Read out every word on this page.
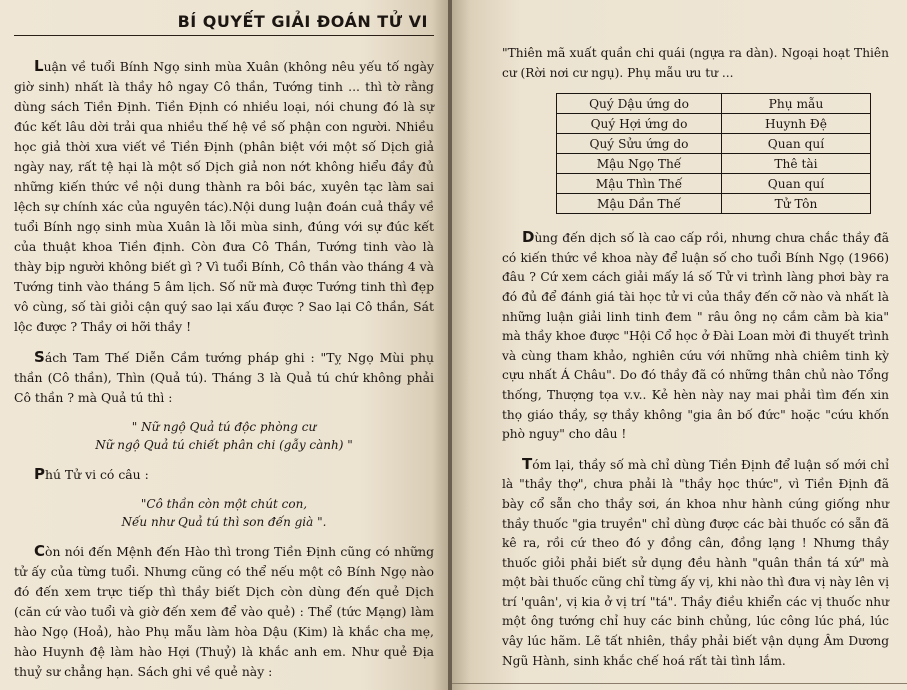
BÍ QUYẾT GIẢI ĐOÁN TỬ VI

Luận về tuổi Bính Ngọ sinh mùa Xuân (không nêu yếu tố ngày giờ sinh) nhất là thầy hô ngay Cô thần, Tướng tinh ... thì tờ rằng dùng sách Tiền Định. Tiền Định có nhiều loại, nói chung đó là sự đúc kết lâu dời trải qua nhiều thế hệ về số phận con người. Nhiều học giả thời xưa viết về Tiền Định (phân biệt với một số Dịch giả ngày nay, rất tệ hại là một số Dịch giả non nớt không hiểu đầy đủ những kiến thức về nội dung thành ra bôi bác, xuyên tạc làm sai lệch sự chính xác của nguyên tác).Nội dung luận đoán cuả thầy về tuổi Bính ngọ sinh mùa Xuân là lỗi mùa sinh, đúng với sự đúc kết của thuật khoa Tiền định. Còn đưa Cô Thần, Tướng tinh vào là thày bịp người không biết gì ? Vì tuổi Bính, Cô thần vào tháng 4 và Tướng tinh vào tháng 5 âm lịch. Số nữ mà được Tướng tinh thì đẹp vô cùng, số tài giỏi cận quý sao lại xấu được ? Sao lại Cô thần, Sát lộc được ? Thầy ơi hỡi thầy !

Sách Tam Thế Diễn Cầm tướng pháp ghi : "Tỵ Ngọ Mùi phụ thần (Cô thần), Thìn (Quả tú). Tháng 3 là Quả tú chứ không phải Cô thần ? mà Quả tú thì :

" Nữ ngộ Quả tú độc phòng cư
Nữ ngộ Quả tú chiết phân chi (gẫy cành) "

Phú Tử vi có câu :

"Cô thần còn một chút con,
Nếu như Quả tú thì son đến già ".

Còn nói đến Mệnh đến Hào thì trong Tiền Định cũng có những tử ấy của từng tuổi. Nhưng cũng có thể nếu một cô Bính Ngọ nào đó đến xem trực tiếp thì thầy biết Dịch còn dùng đến quẻ Dịch (căn cứ vào tuổi và giờ đến xem để vào quẻ) : Thể (tức Mạng) làm hào Ngọ (Hoả), hào Phụ mẫu làm hòa Dậu (Kim) là khắc cha mẹ, hào Huynh đệ làm hào Hợi (Thuỷ) là khắc anh em. Như quẻ Địa thuỷ sư chẳng hạn. Sách ghi về quẻ này :

"Thiên mã xuất quần chi quái (ngựa ra dàn). Ngoại hoạt Thiên cư (Rời nơi cư ngụ). Phụ mẫu ưu tư ...

Quý Dậu ứng do	Phụ mẫu
Quý Hợi ứng do	Huynh Đệ
Quý Sửu ứng do	Quan quí
Mậu Ngọ Thế	Thê tài
Mậu Thìn Thế	Quan quí
Mậu Dần Thế	Tử Tôn

Dùng đến dịch số là cao cấp rồi, nhưng chưa chắc thầy đã có kiến thức về khoa này để luận số cho tuổi Bính Ngọ (1966) đâu ? Cứ xem cách giải mấy lá số Tử vi trình làng phơi bày ra đó đủ để đánh giá tài học tử vi của thầy đến cỡ nào và nhất là những luận giải linh tinh đem " râu ông nọ cắm cằm bà kia" mà thầy khoe được "Hội Cổ học ở Đài Loan mời đi thuyết trình và cùng tham khảo, nghiên cứu với những nhà chiêm tinh kỳ cựu nhất Á Châu". Do đó thầy đã có những thân chủ nào Tổng thống, Thượng tọa v.v.. Kẻ hèn này nay mai phải tìm đến xin thọ giáo thầy, sợ thầy không "gia ân bố đức" hoặc "cứu khốn phò nguy" cho dâu !

Tóm lại, thầy số mà chỉ dùng Tiền Định để luận số mới chỉ là "thầy thợ", chưa phải là "thầy học thức", vì Tiền Định đã bày cổ sẵn cho thầy sơi, án khoa như hành cúng giống như thầy thuốc "gia truyền" chỉ dùng được các bài thuốc có sẵn đã kê ra, rồi cứ theo đó y đồng cân, đồng lạng ! Nhưng thầy thuốc giỏi phải biết sử dụng đều hành "quân thần tá xứ" mà một bài thuốc cũng chỉ từng ấy vị, khi nào thì đưa vị này lên vị trí 'quân', vị kia ở vị trí "tá". Thầy điều khiển các vị thuốc như một ông tướng chỉ huy các binh chủng, lúc công lúc phá, lúc vây lúc hãm. Lẽ tất nhiên, thầy phải biết vận dụng Âm Dương Ngũ Hành, sinh khắc chế hoá rất tài tình lắm.
